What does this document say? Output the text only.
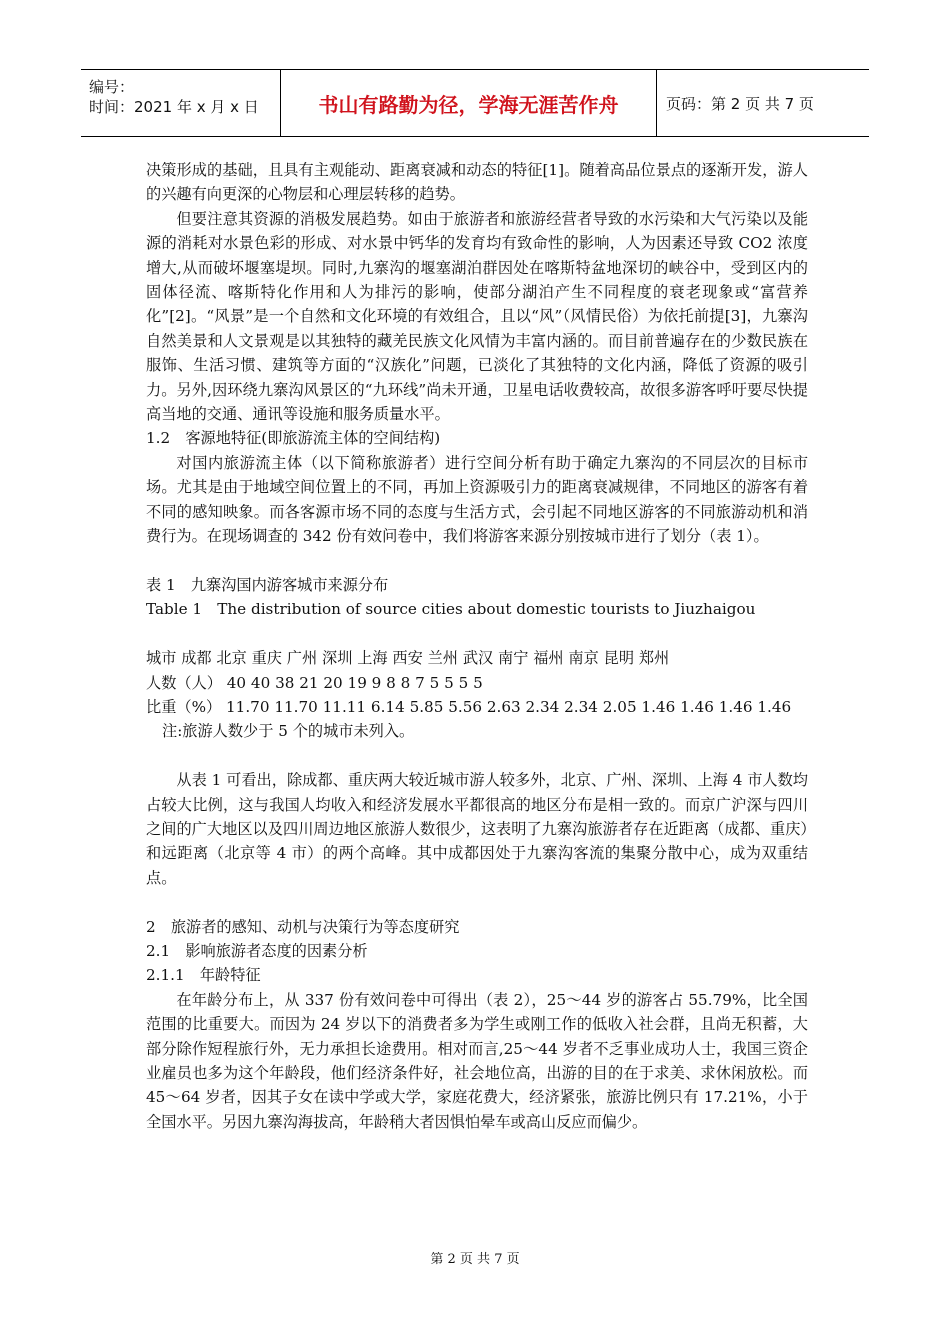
编号：
时间：2021 年 x 月 x 日	书山有路勤为径，学海无涯苦作舟	页码：第 2 页 共 7 页

决策形成的基础，且具有主观能动、距离衰减和动态的特征[1]。随着高品位景点的逐渐开发，游人的兴趣有向更深的心物层和心理层转移的趋势。

但要注意其资源的消极发展趋势。如由于旅游者和旅游经营者导致的水污染和大气污染以及能源的消耗对水景色彩的形成、对水景中钙华的发育均有致命性的影响，人为因素还导致 CO2 浓度增大,从而破坏堰塞堤坝。同时,九寨沟的堰塞湖泊群因处在喀斯特盆地深切的峡谷中，受到区内的固体径流、喀斯特化作用和人为排污的影响，使部分湖泊产生不同程度的衰老现象或“富营养化”[2]。“风景”是一个自然和文化环境的有效组合，且以“风”（风情民俗）为依托前提[3]，九寨沟自然美景和人文景观是以其独特的藏羌民族文化风情为丰富内涵的。而目前普遍存在的少数民族在服饰、生活习惯、建筑等方面的“汉族化”问题，已淡化了其独特的文化内涵，降低了资源的吸引力。另外,因环绕九寨沟风景区的“九环线”尚未开通，卫星电话收费较高，故很多游客呼吁要尽快提高当地的交通、通讯等设施和服务质量水平。

1.2　客源地特征(即旅游流主体的空间结构)

对国内旅游流主体（以下简称旅游者）进行空间分析有助于确定九寨沟的不同层次的目标市场。尤其是由于地域空间位置上的不同，再加上资源吸引力的距离衰减规律，不同地区的游客有着不同的感知映象。而各客源市场不同的态度与生活方式，会引起不同地区游客的不同旅游动机和消费行为。在现场调查的 342 份有效问卷中，我们将游客来源分别按城市进行了划分（表 1）。

表 1　九寨沟国内游客城市来源分布

Table 1　The distribution of source cities about domestic tourists to Jiuzhaigou

城市 成都 北京 重庆 广州 深圳 上海 西安 兰州 武汉 南宁 福州 南京 昆明 郑州

人数（人） 40 40 38 21 20 19 9 8 8 7 5 5 5 5

比重（%） 11.70 11.70 11.11 6.14 5.85 5.56 2.63 2.34 2.34 2.05 1.46 1.46 1.46 1.46

注:旅游人数少于 5 个的城市未列入。

从表 1 可看出，除成都、重庆两大较近城市游人较多外，北京、广州、深圳、上海 4 市人数均占较大比例，这与我国人均收入和经济发展水平都很高的地区分布是相一致的。而京广沪深与四川之间的广大地区以及四川周边地区旅游人数很少，这表明了九寨沟旅游者存在近距离（成都、重庆）和远距离（北京等 4 市）的两个高峰。其中成都因处于九寨沟客流的集聚分散中心，成为双重结点。

2　旅游者的感知、动机与决策行为等态度研究

2.1　影响旅游者态度的因素分析

2.1.1　年龄特征

在年龄分布上，从 337 份有效问卷中可得出（表 2），25～44 岁的游客占 55.79%，比全国范围的比重要大。而因为 24 岁以下的消费者多为学生或刚工作的低收入社会群，且尚无积蓄，大部分除作短程旅行外，无力承担长途费用。相对而言,25～44 岁者不乏事业成功人士，我国三资企业雇员也多为这个年龄段，他们经济条件好，社会地位高，出游的目的在于求美、求休闲放松。而 45～64 岁者，因其子女在读中学或大学，家庭花费大，经济紧张，旅游比例只有 17.21%，小于全国水平。另因九寨沟海拔高，年龄稍大者因惧怕晕车或高山反应而偏少。

第 2 页 共 7 页
